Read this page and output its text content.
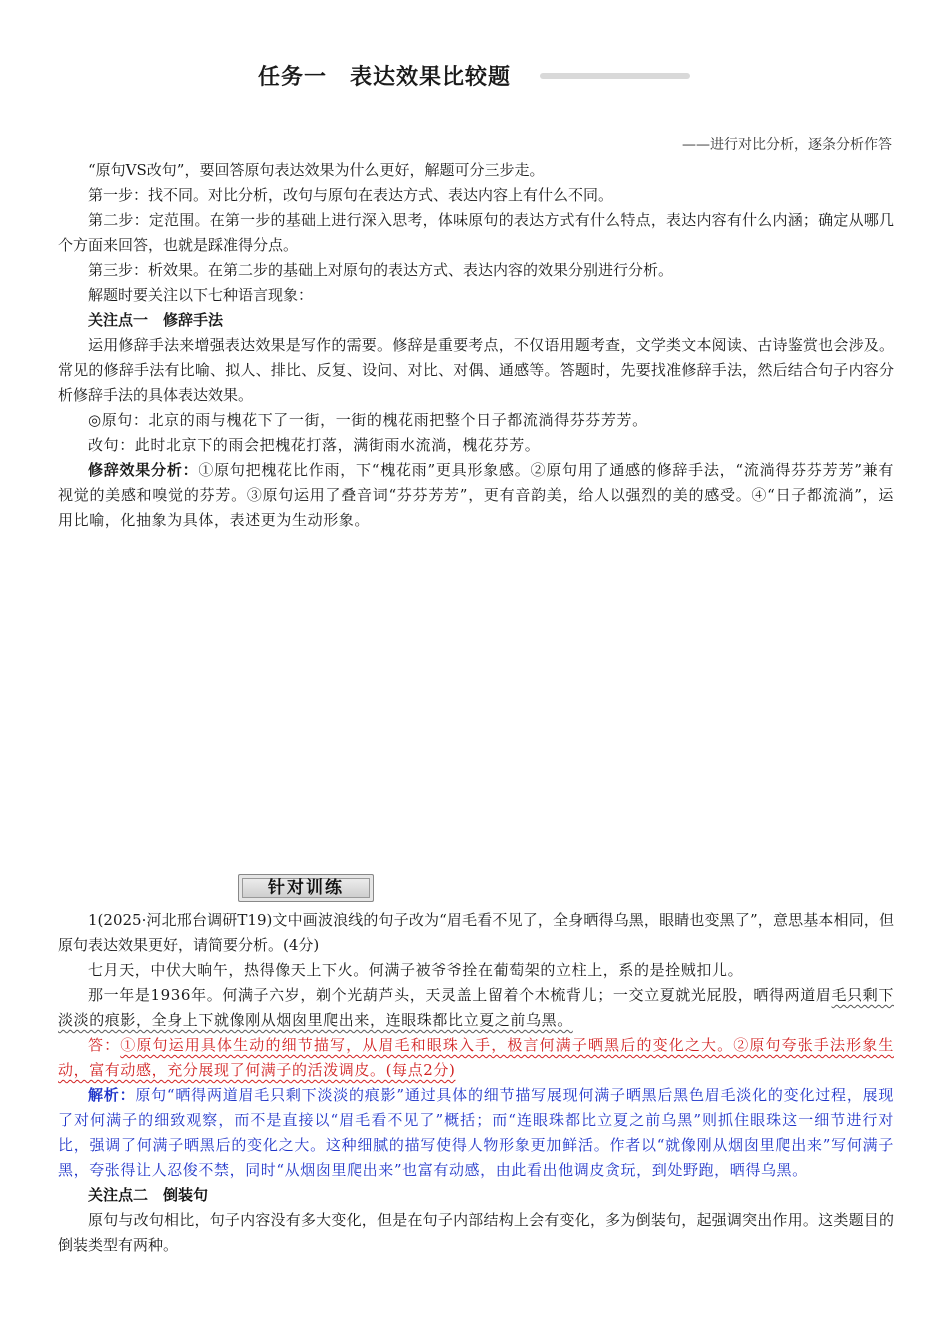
任务一　表达效果比较题
——进行对比分析，逐条分析作答

“原句VS改句”，要回答原句表达效果为什么更好，解题可分三步走。

第一步：找不同。对比分析，改句与原句在表达方式、表达内容上有什么不同。

第二步：定范围。在第一步的基础上进行深入思考，体味原句的表达方式有什么特点，表达内容有什么内涵；确定从哪几个方面来回答，也就是踩准得分点。

第三步：析效果。在第二步的基础上对原句的表达方式、表达内容的效果分别进行分析。

解题时要关注以下七种语言现象：

关注点一　修辞手法

运用修辞手法来增强表达效果是写作的需要。修辞是重要考点，不仅语用题考查，文学类文本阅读、古诗鉴赏也会涉及。常见的修辞手法有比喻、拟人、排比、反复、设问、对比、对偶、通感等。答题时，先要找准修辞手法，然后结合句子内容分析修辞手法的具体表达效果。

◎原句：北京的雨与槐花下了一街，一街的槐花雨把整个日子都流淌得芬芬芳芳。

改句：此时北京下的雨会把槐花打落，满街雨水流淌，槐花芬芳。

修辞效果分析：①原句把槐花比作雨，下“槐花雨”更具形象感。②原句用了通感的修辞手法，“流淌得芬芬芳芳”兼有视觉的美感和嗅觉的芬芳。③原句运用了叠音词“芬芬芳芳”，更有音韵美，给人以强烈的美的感受。④“日子都流淌”，运用比喻，化抽象为具体，表述更为生动形象。

针对训练

1(2025·河北邢台调研T19)文中画波浪线的句子改为“眉毛看不见了，全身晒得乌黑，眼睛也变黑了”，意思基本相同，但原句表达效果更好，请简要分析。(4分)

七月天，中伏大晌午，热得像天上下火。何满子被爷爷拴在葡萄架的立柱上，系的是拴贼扣儿。

那一年是1936年。何满子六岁，剃个光葫芦头，天灵盖上留着个木梳背儿；一交立夏就光屁股，晒得两道眉毛只剩下淡淡的痕影，全身上下就像刚从烟囱里爬出来，连眼珠都比立夏之前乌黑。

答：①原句运用具体生动的细节描写，从眉毛和眼珠入手，极言何满子晒黑后的变化之大。②原句夸张手法形象生动，富有动感，充分展现了何满子的活泼调皮。(每点2分)

解析：原句“晒得两道眉毛只剩下淡淡的痕影”通过具体的细节描写展现何满子晒黑后黑色眉毛淡化的变化过程，展现了对何满子的细致观察，而不是直接以“眉毛看不见了”概括；而“连眼珠都比立夏之前乌黑”则抓住眼珠这一细节进行对比，强调了何满子晒黑后的变化之大。这种细腻的描写使得人物形象更加鲜活。作者以“就像刚从烟囱里爬出来”写何满子黑，夸张得让人忍俊不禁，同时“从烟囱里爬出来”也富有动感，由此看出他调皮贪玩，到处野跑，晒得乌黑。

关注点二　倒装句

原句与改句相比，句子内容没有多大变化，但是在句子内部结构上会有变化，多为倒装句，起强调突出作用。这类题目的倒装类型有两种。
